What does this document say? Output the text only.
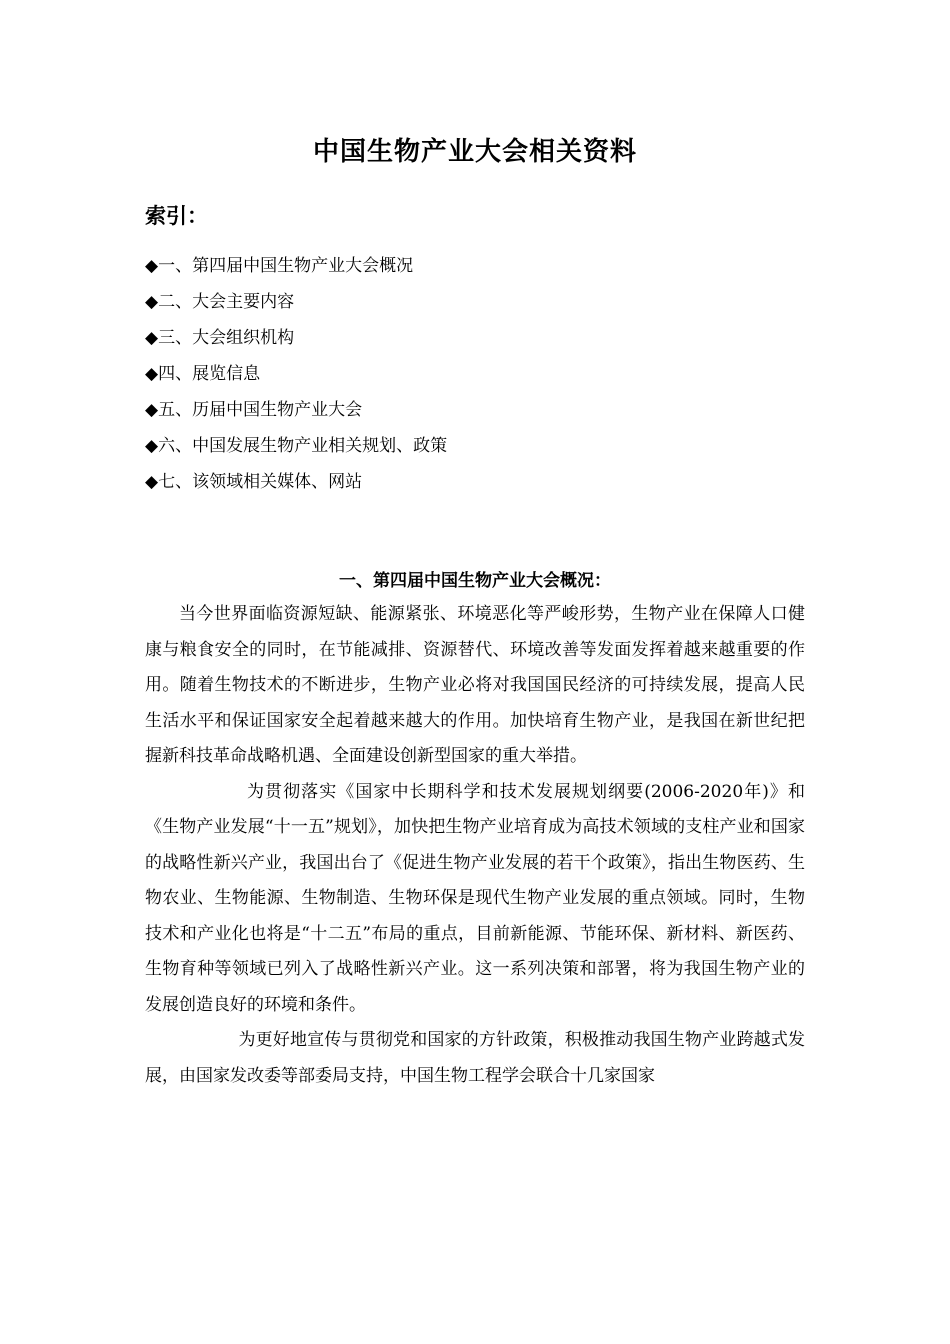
中国生物产业大会相关资料
索引：
◆一、第四届中国生物产业大会概况
◆二、大会主要内容
◆三、大会组织机构
◆四、展览信息
◆五、历届中国生物产业大会
◆六、中国发展生物产业相关规划、政策
◆七、该领域相关媒体、网站
一、第四届中国生物产业大会概况：

当今世界面临资源短缺、能源紧张、环境恶化等严峻形势，生物产业在保障人口健康与粮食安全的同时，在节能减排、资源替代、环境改善等发面发挥着越来越重要的作用。随着生物技术的不断进步，生物产业必将对我国国民经济的可持续发展，提高人民生活水平和保证国家安全起着越来越大的作用。加快培育生物产业，是我国在新世纪把握新科技革命战略机遇、全面建设创新型国家的重大举措。

为贯彻落实《国家中长期科学和技术发展规划纲要(2006-2020年)》和《生物产业发展“十一五”规划》，加快把生物产业培育成为高技术领域的支柱产业和国家的战略性新兴产业，我国出台了《促进生物产业发展的若干个政策》，指出生物医药、生物农业、生物能源、生物制造、生物环保是现代生物产业发展的重点领域。同时，生物技术和产业化也将是“十二五”布局的重点，目前新能源、节能环保、新材料、新医药、生物育种等领域已列入了战略性新兴产业。这一系列决策和部署，将为我国生物产业的发展创造良好的环境和条件。

为更好地宣传与贯彻党和国家的方针政策，积极推动我国生物产业跨越式发展，由国家发改委等部委局支持，中国生物工程学会联合十几家国家
